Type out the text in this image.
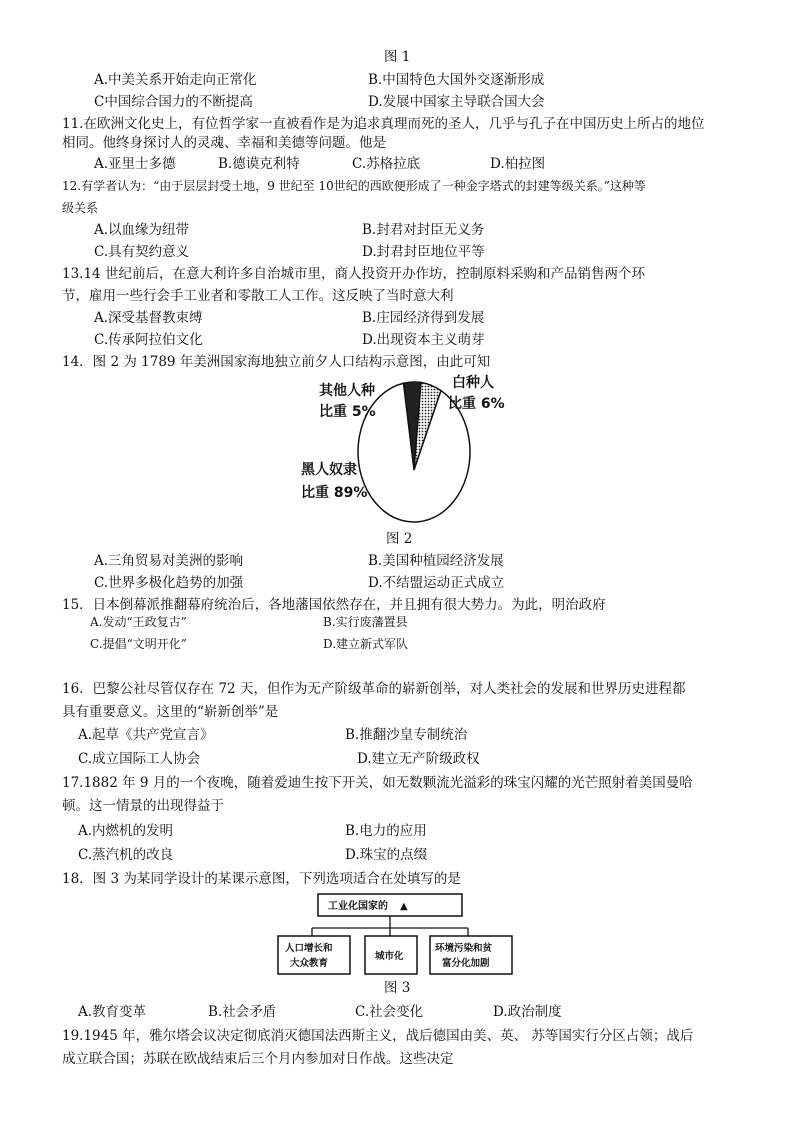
图 1
A.中美关系开始走向正常化	B.中国特色大国外交逐渐形成
C中国综合国力的不断提高	D.发展中国家主导联合国大会
11.在欧洲文化史上，有位哲学家一直被看作是为追求真理而死的圣人，几乎与孔子在中国历史上所占的地位
相同。他终身探讨人的灵魂、幸福和美德等问题。他是
A.亚里士多德	B.德谟克利特	C.苏格拉底	D.柏拉图
12.有学者认为：“由于层层封受土地，9 世纪至 10世纪的西欧便形成了一种金字塔式的封建等级关系。”这种等
级关系
A.以血缘为纽带	B.封君对封臣无义务
C.具有契约意义	D.封君封臣地位平等
13.14 世纪前后，在意大利许多自治城市里，商人投资开办作坊，控制原料采购和产品销售两个环
节，雇用一些行会手工业者和零散工人工作。这反映了当时意大利
A.深受基督教束缚	B.庄园经济得到发展
C.传承阿拉伯文化	D.出现资本主义萌芽
14．图 2 为 1789 年美洲国家海地独立前夕人口结构示意图，由此可知
其他人种
比重 5%
白种人
比重 6%
黑人奴隶
比重 89%
图 2
A.三角贸易对美洲的影响	B.美国种植园经济发展
C.世界多极化趋势的加强	D.不结盟运动正式成立
15．日本倒幕派推翻幕府统治后，各地藩国依然存在，并且拥有很大势力。为此，明治政府
A.发动“王政复古”	B.实行废藩置县
C.提倡“文明开化”	D.建立新式军队
16．巴黎公社尽管仅存在 72 天，但作为无产阶级革命的崭新创举，对人类社会的发展和世界历史进程都
具有重要意义。这里的“崭新创举”是
A.起草《共产党宣言》	B.推翻沙皇专制统治
C.成立国际工人协会	D.建立无产阶级政权
17.1882 年 9 月的一个夜晚，随着爱迪生按下开关，如无数颗流光溢彩的珠宝闪耀的光芒照射着美国曼哈
顿。这一情景的出现得益于
A.内燃机的发明	B.电力的应用
C.蒸汽机的改良	D.珠宝的点缀
18．图 3 为某同学设计的某课示意图，下列选项适合在处填写的是
工业化国家的 ▲
人口增长和
大众教育
城市化
环境污染和贫
富分化加剧
图 3
A.教育变革	B.社会矛盾	C.社会变化	D.政治制度
19.1945 年，雅尔塔会议决定彻底消灭德国法西斯主义，战后德国由美、英、 苏等国实行分区占领；战后
成立联合国；苏联在欧战结束后三个月内参加对日作战。这些决定
